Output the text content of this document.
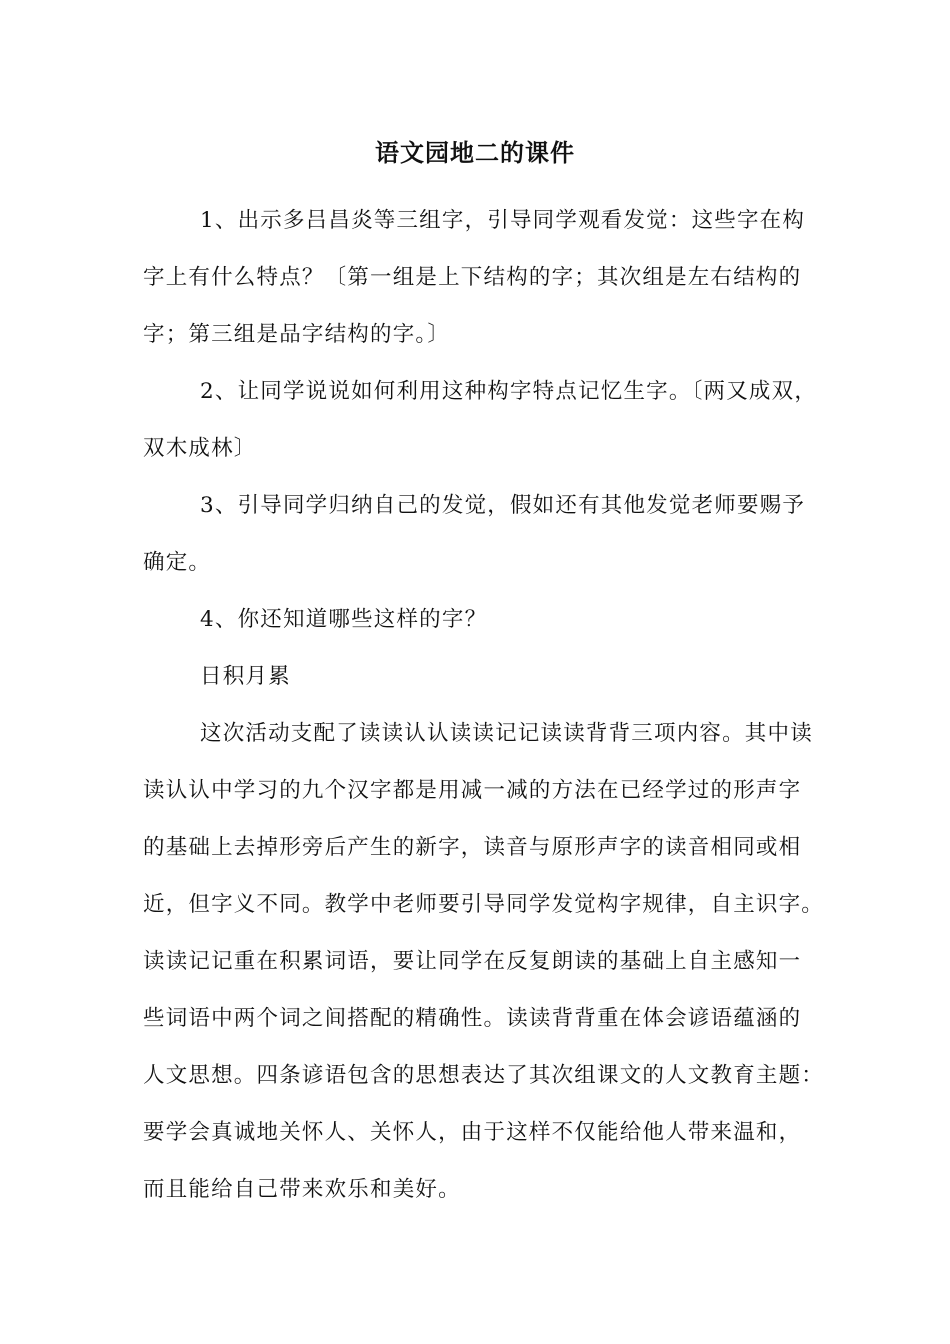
语文园地二的课件
1、出示多吕昌炎等三组字，引导同学观看发觉：这些字在构
字上有什么特点？〔第一组是上下结构的字；其次组是左右结构的
字；第三组是品字结构的字。〕
2、让同学说说如何利用这种构字特点记忆生字。〔两又成双，
双木成林〕
3、引导同学归纳自己的发觉，假如还有其他发觉老师要赐予
确定。
4、你还知道哪些这样的字？
日积月累
这次活动支配了读读认认读读记记读读背背三项内容。其中读
读认认中学习的九个汉字都是用减一减的方法在已经学过的形声字
的基础上去掉形旁后产生的新字，读音与原形声字的读音相同或相
近，但字义不同。教学中老师要引导同学发觉构字规律，自主识字。
读读记记重在积累词语，要让同学在反复朗读的基础上自主感知一
些词语中两个词之间搭配的精确性。读读背背重在体会谚语蕴涵的
人文思想。四条谚语包含的思想表达了其次组课文的人文教育主题：
要学会真诚地关怀人、关怀人，由于这样不仅能给他人带来温和，
而且能给自己带来欢乐和美好。
